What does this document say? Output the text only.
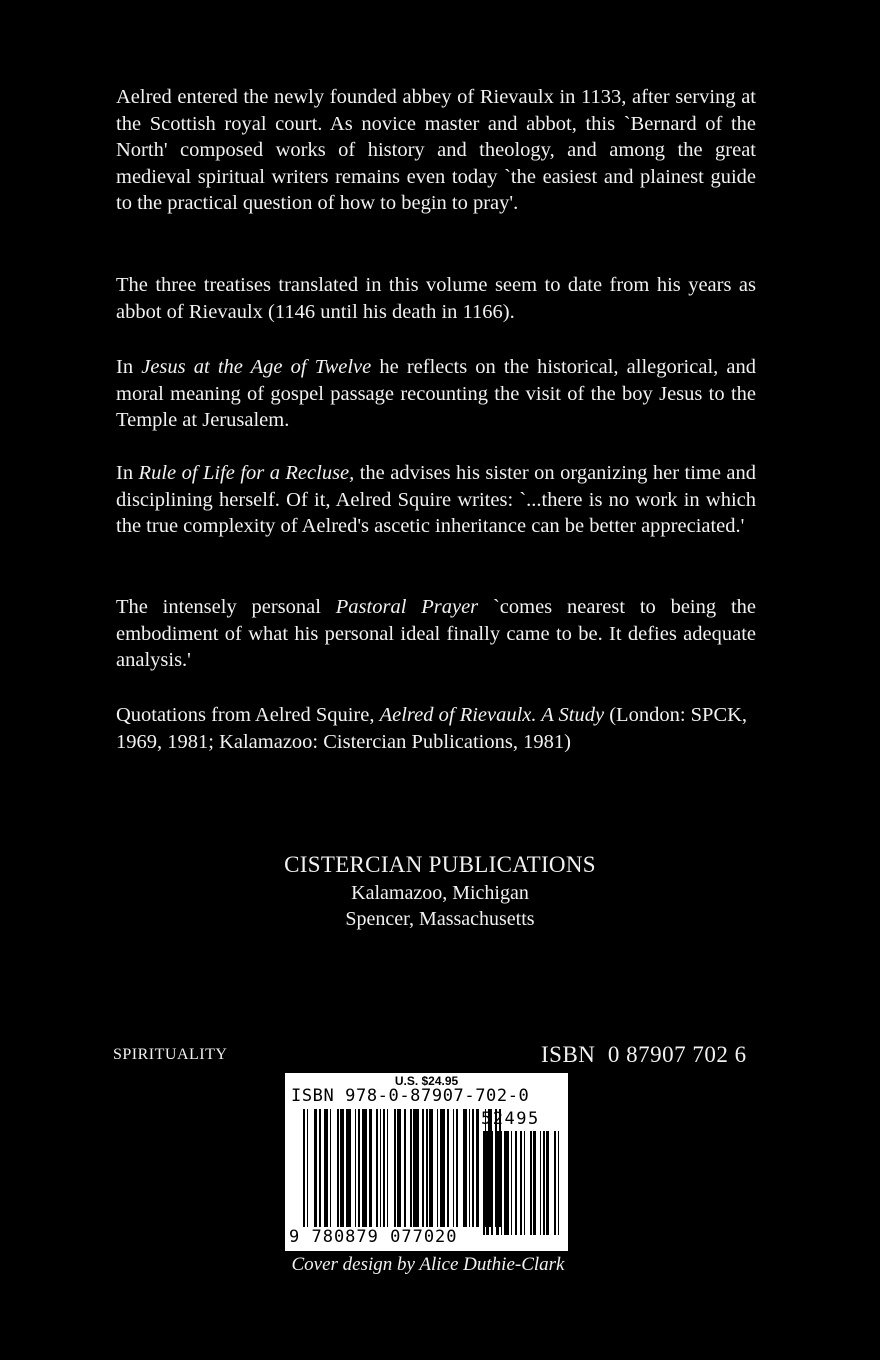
Aelred entered the newly founded abbey of Rievaulx in 1133, after serving at the Scottish royal court. As novice master and abbot, this `Bernard of the North' composed works of history and theology, and among the great medieval spiritual writers remains even today `the easiest and plainest guide to the practical question of how to begin to pray'.
The three treatises translated in this volume seem to date from his years as abbot of Rievaulx (1146 until his death in 1166).
In Jesus at the Age of Twelve he reflects on the historical, allegorical, and moral meaning of gospel passage recounting the visit of the boy Jesus to the Temple at Jerusalem.
In Rule of Life for a Recluse, the advises his sister on organizing her time and disciplining herself. Of it, Aelred Squire writes: `...there is no work in which the true complexity of Aelred's ascetic inheritance can be better appreciated.'
The intensely personal Pastoral Prayer `comes nearest to being the embodiment of what his personal ideal finally came to be. It defies adequate analysis.'
Quotations from Aelred Squire, Aelred of Rievaulx. A Study (London: SPCK, 1969, 1981; Kalamazoo: Cistercian Publications, 1981)
CISTERCIAN PUBLICATIONS
Kalamazoo, Michigan
Spencer, Massachusetts
SPIRITUALITY	ISBN  0 87907 702 6
U.S. $24.95
ISBN 978-0-87907-702-0
52495
9 780879 077020
Cover design by Alice Duthie-Clark
